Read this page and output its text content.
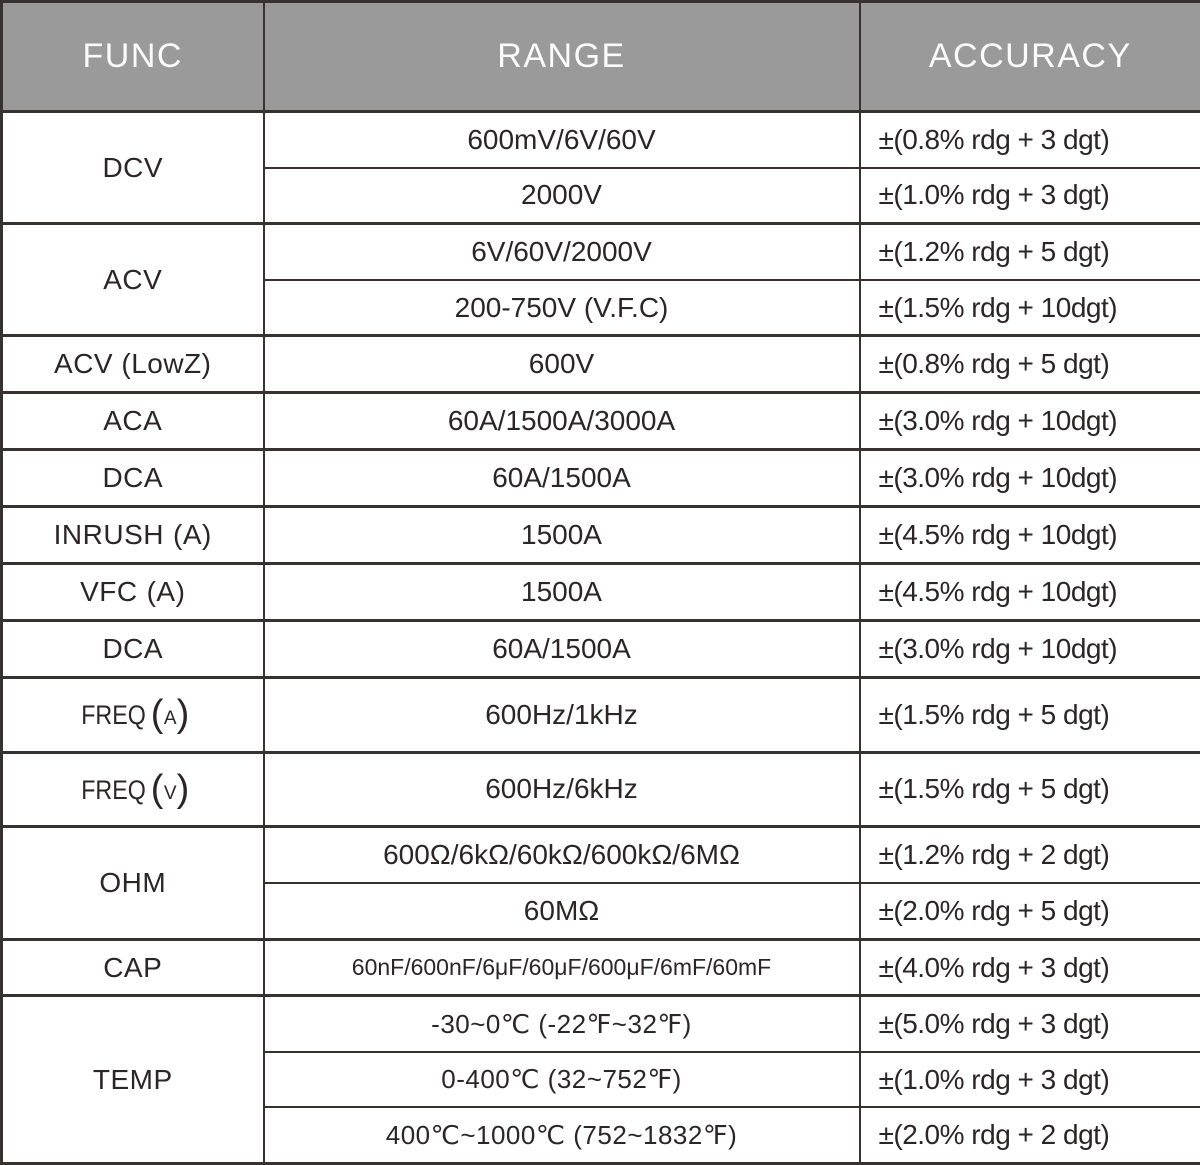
FUNC	RANGE	ACCURACY
DCV	600mV/6V/60V	±(0.8% rdg + 3 dgt)
	2000V	±(1.0% rdg + 3 dgt)
ACV	6V/60V/2000V	±(1.2% rdg + 5 dgt)
	200-750V (V.F.C)	±(1.5% rdg + 10dgt)
ACV (LowZ)	600V	±(0.8% rdg + 5 dgt)
ACA	60A/1500A/3000A	±(3.0% rdg + 10dgt)
DCA	60A/1500A	±(3.0% rdg + 10dgt)
INRUSH (A)	1500A	±(4.5% rdg + 10dgt)
VFC (A)	1500A	±(4.5% rdg + 10dgt)
DCA	60A/1500A	±(3.0% rdg + 10dgt)
FREQ (A)	600Hz/1kHz	±(1.5% rdg + 5 dgt)
FREQ (V)	600Hz/6kHz	±(1.5% rdg + 5 dgt)
OHM	600Ω/6kΩ/60kΩ/600kΩ/6MΩ	±(1.2% rdg + 2 dgt)
	60MΩ	±(2.0% rdg + 5 dgt)
CAP	60nF/600nF/6μF/60μF/600μF/6mF/60mF	±(4.0% rdg + 3 dgt)
TEMP	-30~0℃ (-22℉~32℉)	±(5.0% rdg + 3 dgt)
	0-400℃ (32~752℉)	±(1.0% rdg + 3 dgt)
	400℃~1000℃ (752~1832℉)	±(2.0% rdg + 2 dgt)
